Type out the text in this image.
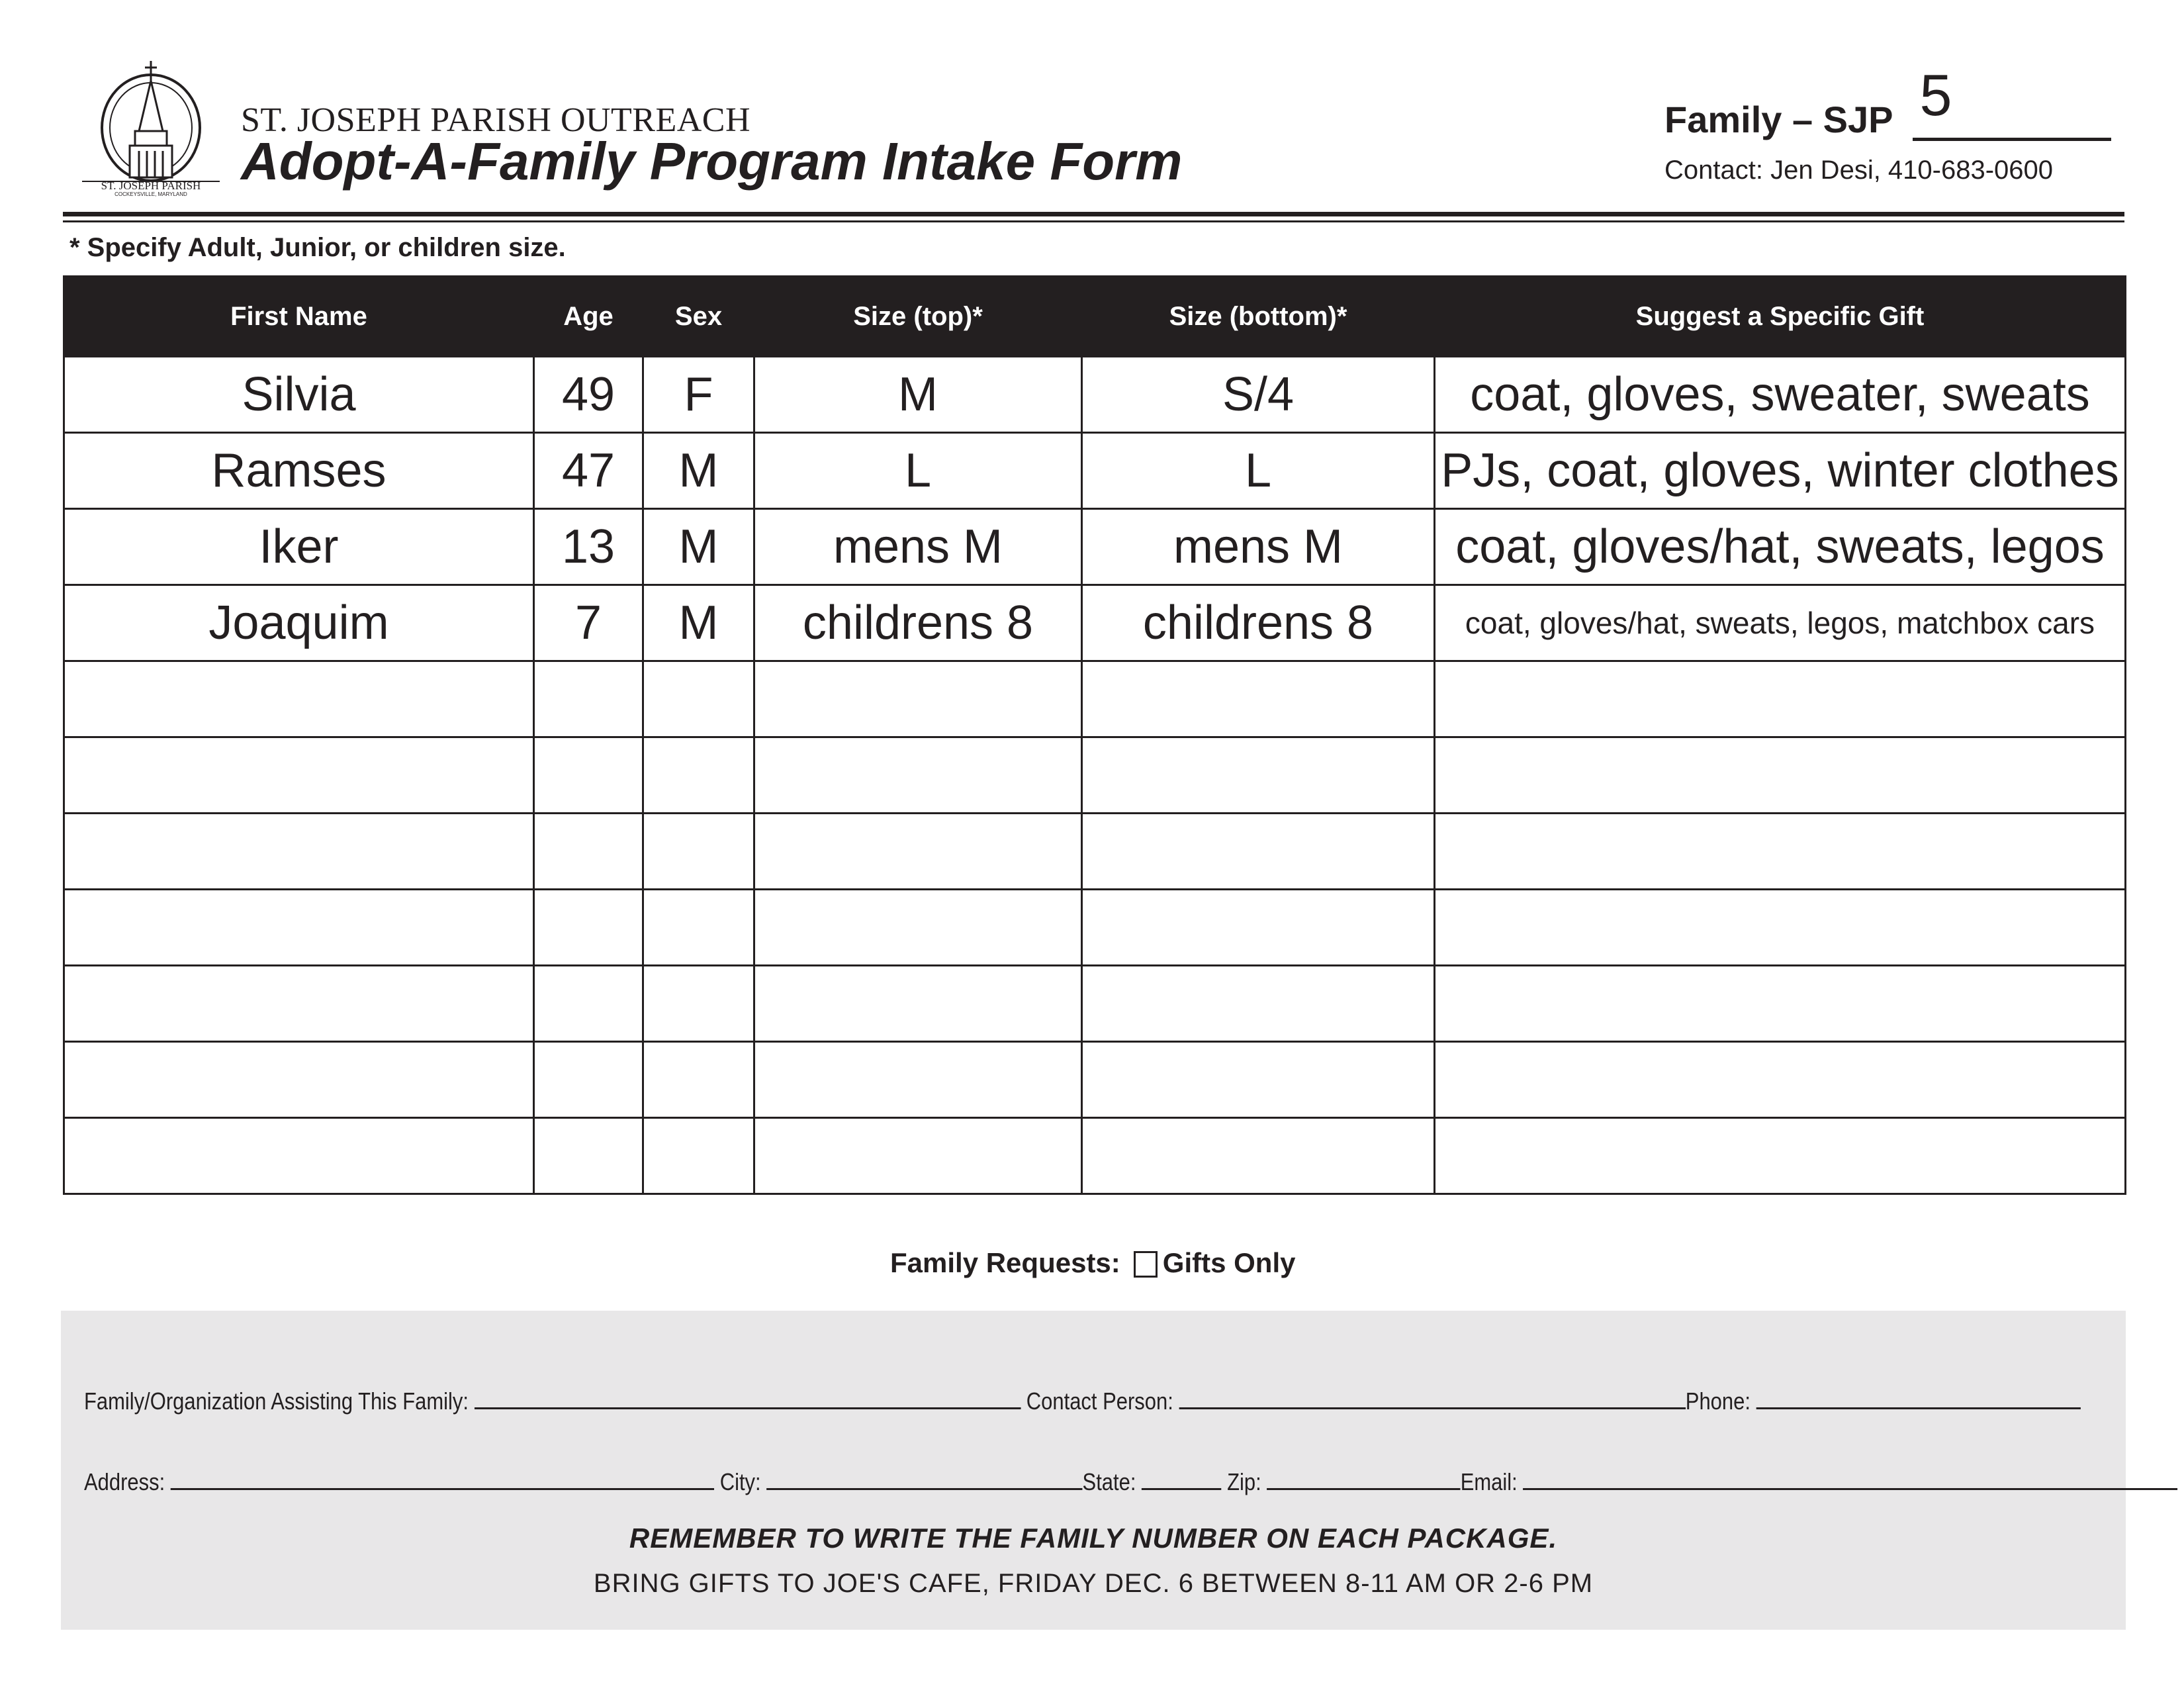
ST. JOSEPH PARISH
COCKEYSVILLE, MARYLAND
ST. JOSEPH PARISH OUTREACH
Adopt-A-Family Program Intake Form
Family – SJP 5
Contact: Jen Desi, 410-683-0600
* Specify Adult, Junior, or children size.
First Name	Age	Sex	Size (top)*	Size (bottom)*	Suggest a Specific Gift
Silvia	49	F	M	S/4	coat, gloves, sweater, sweats
Ramses	47	M	L	L	PJs, coat, gloves, winter clothes
Iker	13	M	mens M	mens M	coat, gloves/hat, sweats, legos
Joaquim	7	M	childrens 8	childrens 8	coat, gloves/hat, sweats, legos, matchbox cars

Family Requests: Gifts Only
Family/Organization Assisting This Family:	Contact Person:	Phone:
Address:	City:	State:	Zip:	Email:
REMEMBER TO WRITE THE FAMILY NUMBER ON EACH PACKAGE.
BRING GIFTS TO JOE'S CAFE, FRIDAY DEC. 6 BETWEEN 8-11 AM OR 2-6 PM
